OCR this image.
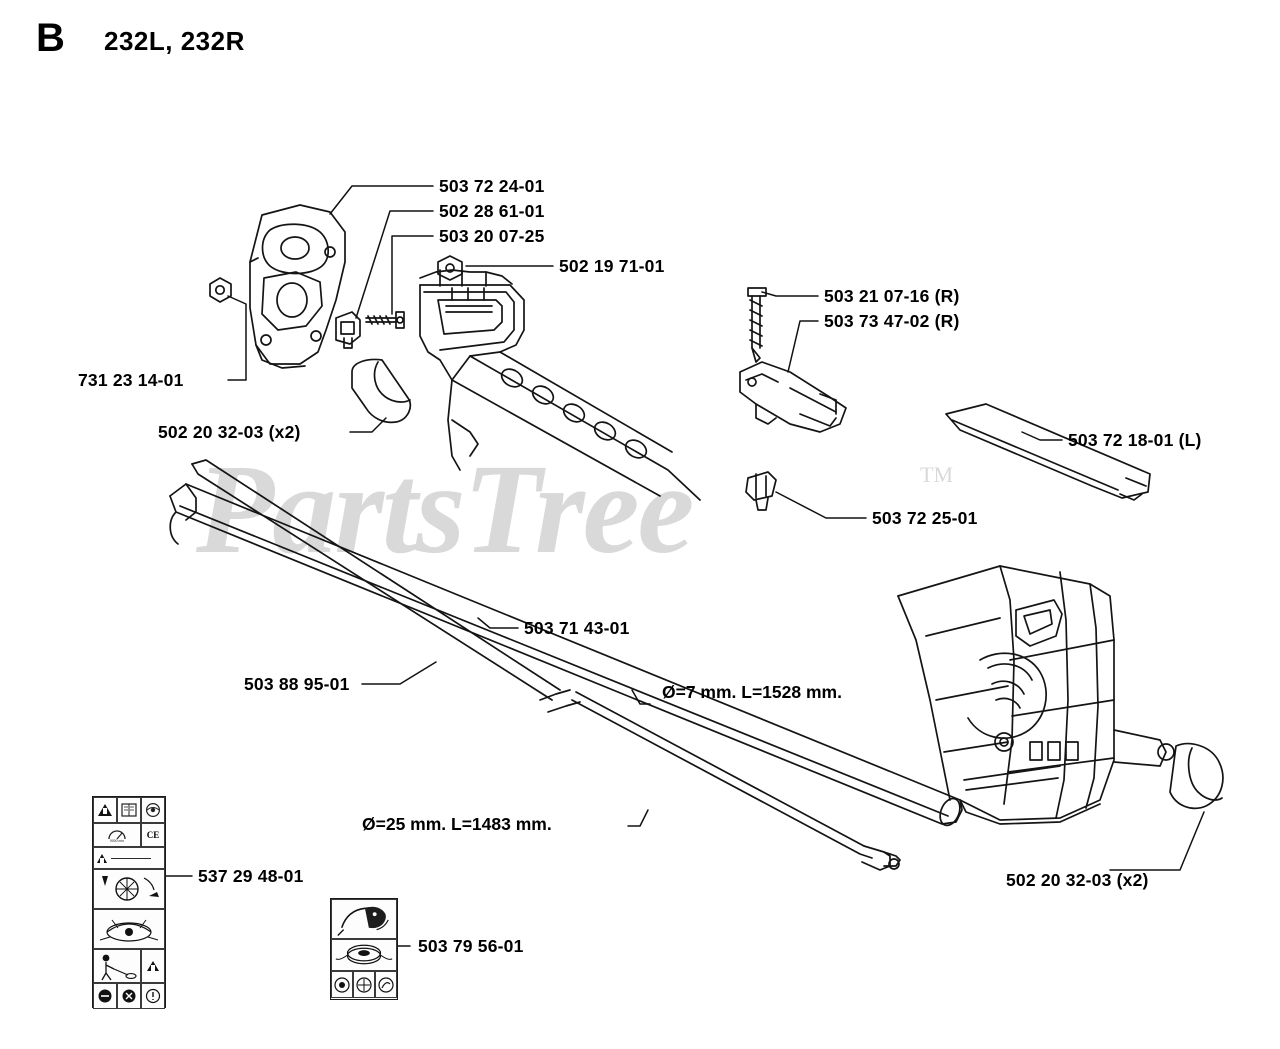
B 232L, 232R
PartsTree	TM
503 72 24-01
502 28 61-01
503 20 07-25
502 19 71-01
503 21 07-16 (R)
503 73 47-02 (R)
503 72 18-01 (L)
731 23 14-01
502 20 32-03 (x2)
503 72 25-01
503 71 43-01
503 88 95-01
502 20 32-03 (x2)
537 29 48-01
503 79 56-01
Ø=7 mm. L=1528 mm.
Ø=25 mm. L=1483 mm.
9000 min
CE
